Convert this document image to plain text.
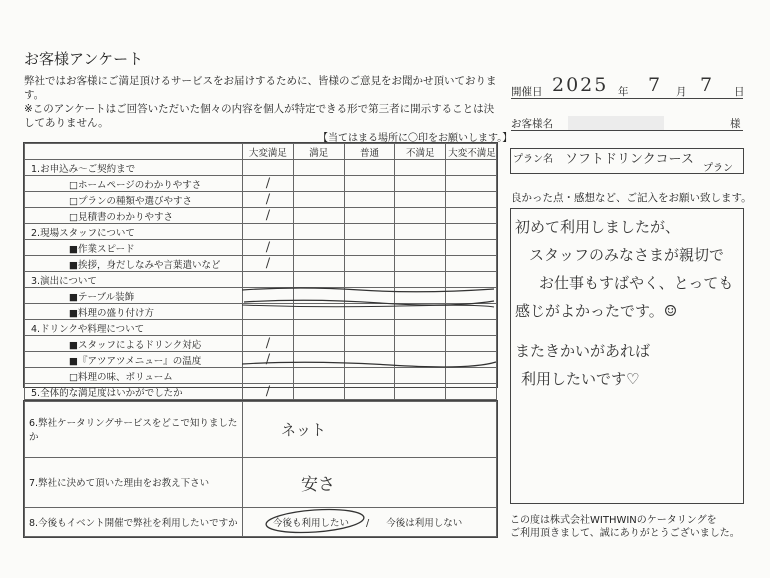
お客様アンケート
弊社ではお客様にご満足頂けるサービスをお届けするために、皆様のご意見をお聞かせ頂いております。
※このアンケートはご回答いただいた個々の内容を個人が特定できる形で第三者に開示することは決してありません。
開催日 2025 年 7 月 7 日
お客様名	様
プラン名 ソフトドリンクコース
プラン
【当てはまる場所に〇印をお願いします。】
	大変満足	満足	普通	不満足	大変不満足
1.お申込み～ご契約まで					
□ホームページのわかりやすさ	/				
□プランの種類や選びやすさ	/				
□見積書のわかりやすさ	/				
2.現場スタッフについて					
■作業スピード	/				
■挨拶，身だしなみや言葉遣いなど	/				
3.演出について					
■テーブル装飾					
■料理の盛り付け方					
4.ドリンクや料理について					
■スタッフによるドリンク対応	/				
■『アツアツメニュー』の温度	/				
□料理の味、ボリューム					
5.全体的な満足度はいかがでしたか	/				
6.弊社ケータリングサービスをどこで知りましたか	ネット
7.弊社に決めて頂いた理由をお教え下さい	安さ
8.今後もイベント開催で弊社を利用したいですか	今後も利用したい / 今後は利用しない
良かった点・感想など、ご記入をお願い致します。
初めて利用しましたが、
スタッフのみなさまが親切で
お仕事もすばやく、とっても
感じがよかったです。☺
またきかいがあれば
利用したいです♡
この度は株式会社WITHWINのケータリングを
ご利用頂きまして、誠にありがとうございました。
